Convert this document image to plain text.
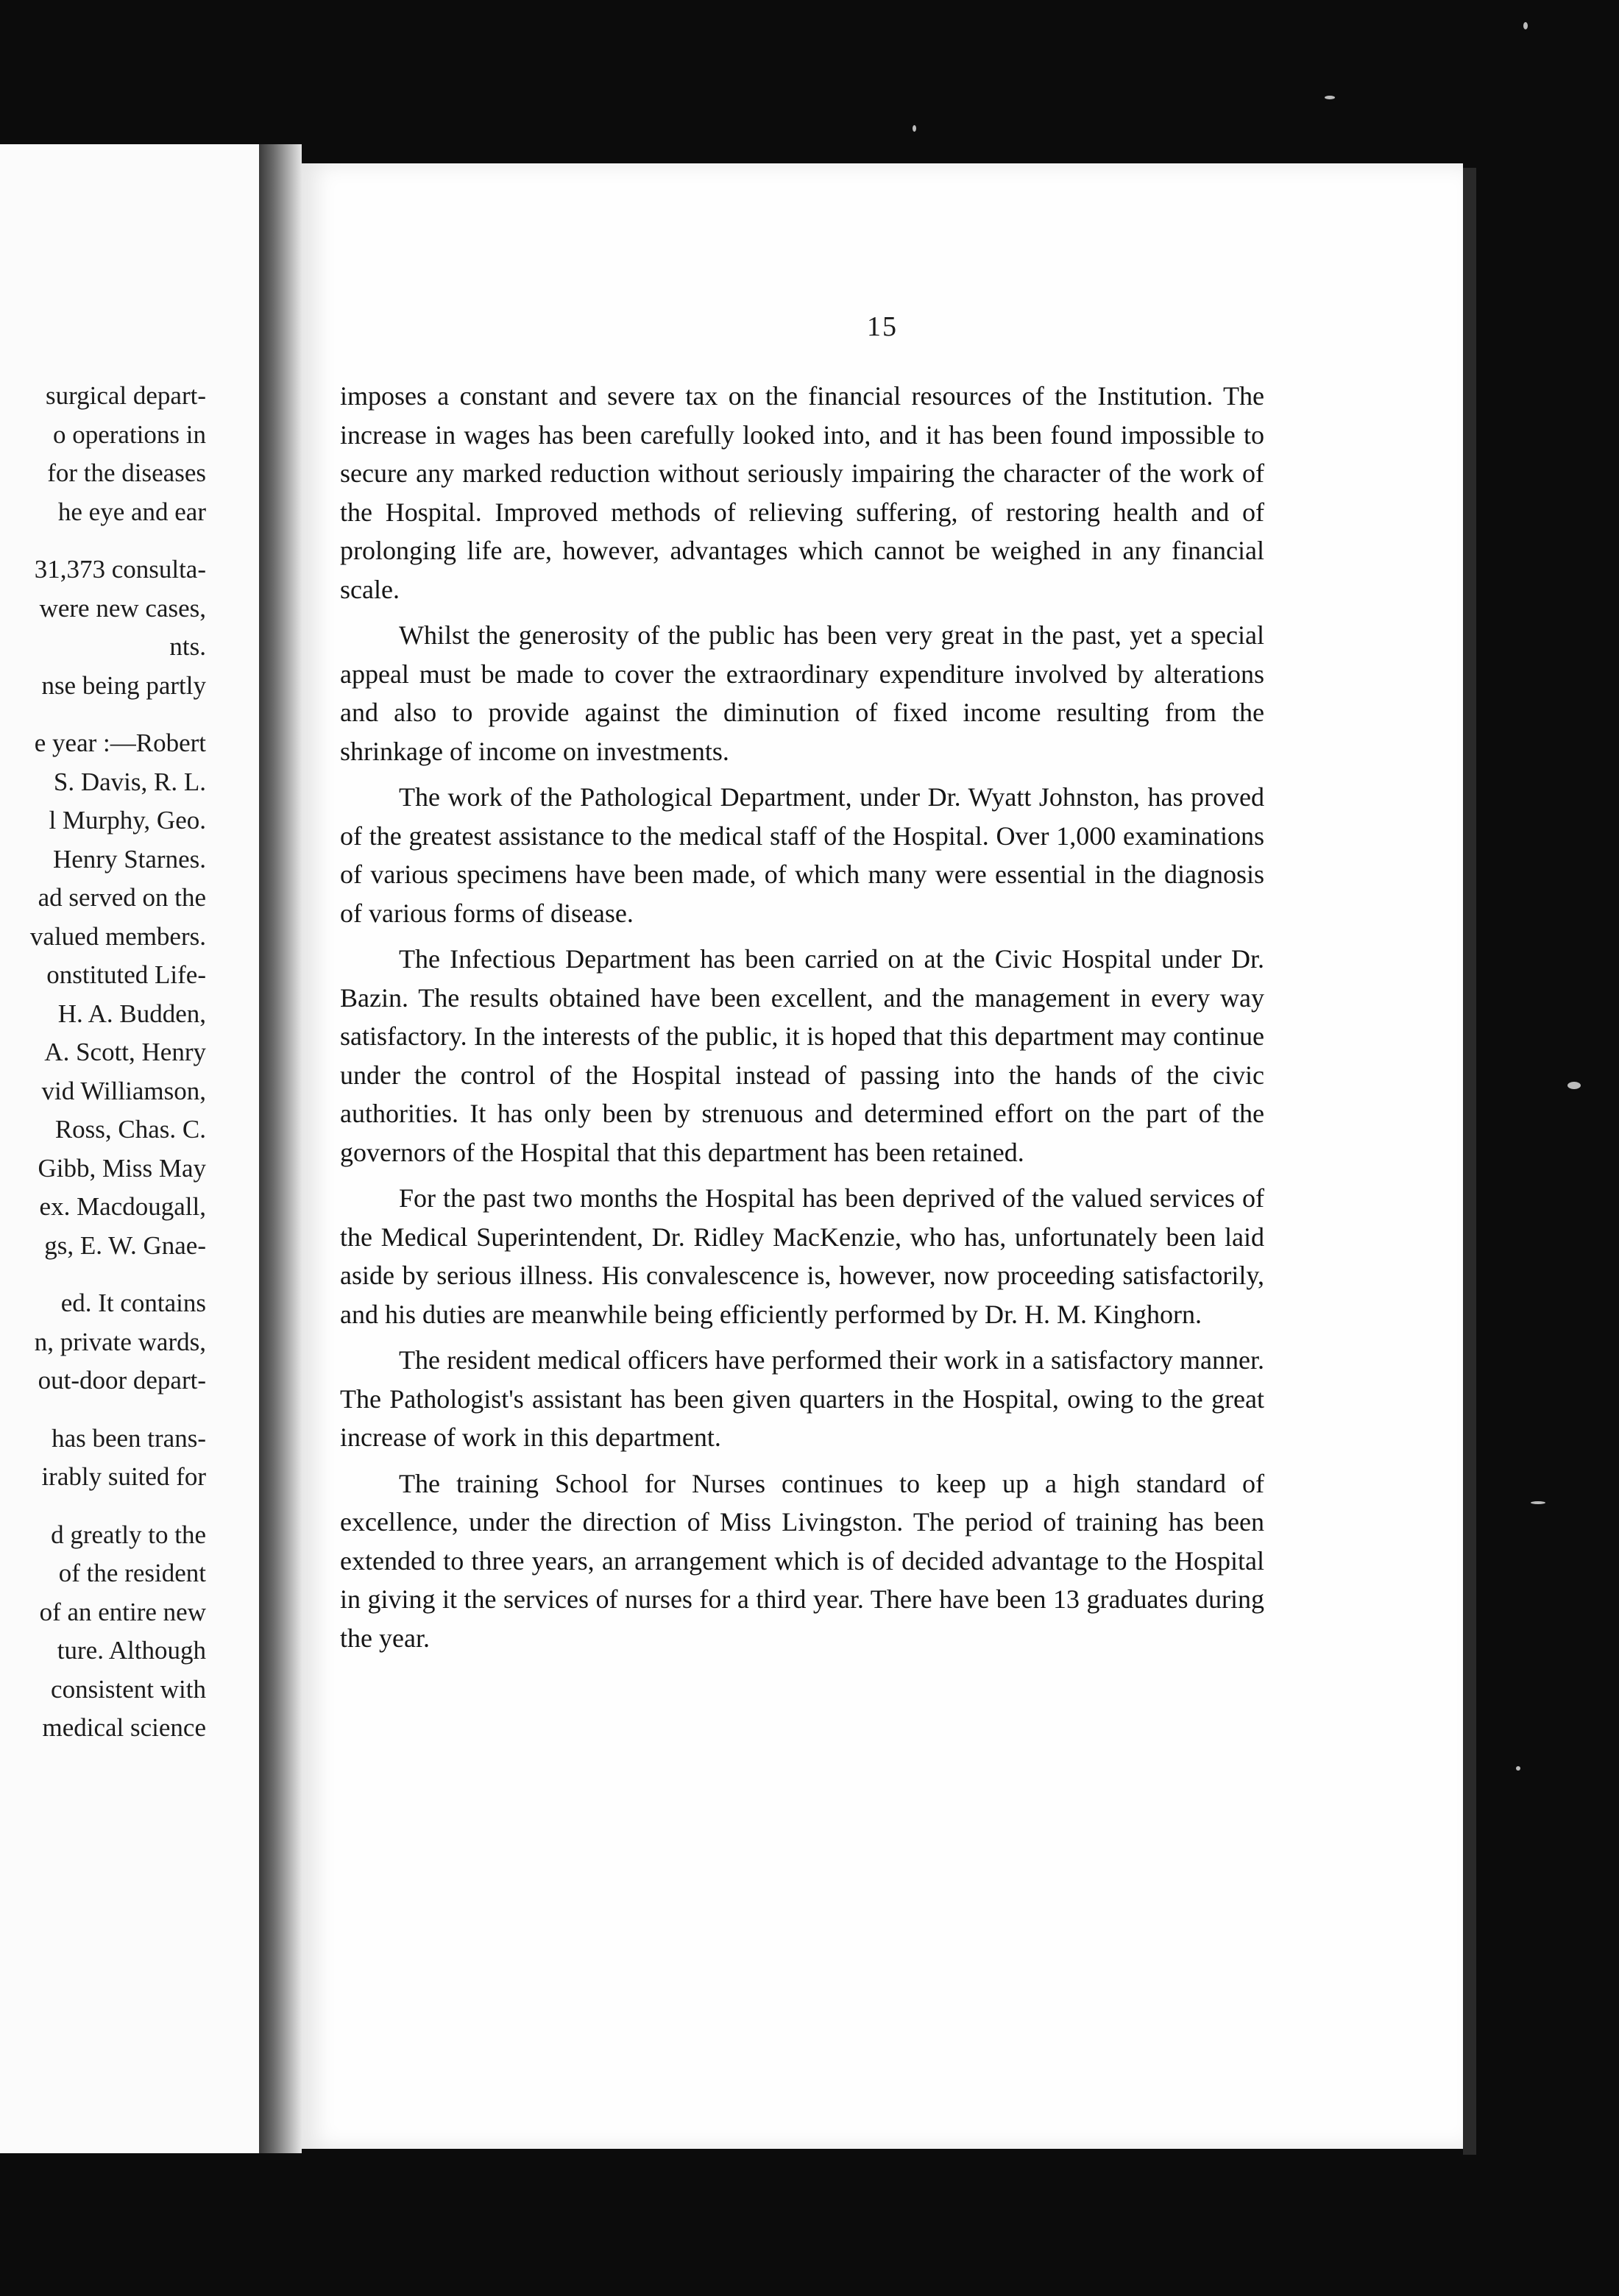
surgical depart-
o operations in
for the diseases
he eye and ear
31,373 consulta-
were new cases,
nts.
nse being partly
e year :—Robert
S. Davis, R. L.
l Murphy, Geo.
Henry Starnes.
ad served on the
valued members.
onstituted Life-
H. A. Budden,
A. Scott, Henry
vid Williamson,
Ross, Chas. C.
Gibb, Miss May
ex. Macdougall,
gs, E. W. Gnae-
ed. It contains
n, private wards,
out-door depart-
has been trans-
irably suited for
d greatly to the
of the resident
of an entire new
ture. Although
consistent with
medical science
15

imposes a constant and severe tax on the financial resources of the Institution. The increase in wages has been carefully looked into, and it has been found impossible to secure any marked reduction without seriously impairing the character of the work of the Hospital. Improved methods of relieving suffering, of restoring health and of prolonging life are, however, advantages which cannot be weighed in any financial scale.

Whilst the generosity of the public has been very great in the past, yet a special appeal must be made to cover the extraordinary expenditure involved by alterations and also to provide against the diminution of fixed income resulting from the shrinkage of income on investments.

The work of the Pathological Department, under Dr. Wyatt Johnston, has proved of the greatest assistance to the medical staff of the Hospital. Over 1,000 examinations of various specimens have been made, of which many were essential in the diagnosis of various forms of disease.

The Infectious Department has been carried on at the Civic Hospital under Dr. Bazin. The results obtained have been excellent, and the management in every way satisfactory. In the interests of the public, it is hoped that this department may continue under the control of the Hospital instead of passing into the hands of the civic authorities. It has only been by strenuous and determined effort on the part of the governors of the Hospital that this department has been retained.

For the past two months the Hospital has been deprived of the valued services of the Medical Superintendent, Dr. Ridley MacKenzie, who has, unfortunately been laid aside by serious illness. His convalescence is, however, now proceeding satisfactorily, and his duties are meanwhile being efficiently performed by Dr. H. M. Kinghorn.

The resident medical officers have performed their work in a satisfactory manner. The Pathologist's assistant has been given quarters in the Hospital, owing to the great increase of work in this department.

The training School for Nurses continues to keep up a high standard of excellence, under the direction of Miss Livingston. The period of training has been extended to three years, an arrangement which is of decided advantage to the Hospital in giving it the services of nurses for a third year. There have been 13 graduates during the year.
